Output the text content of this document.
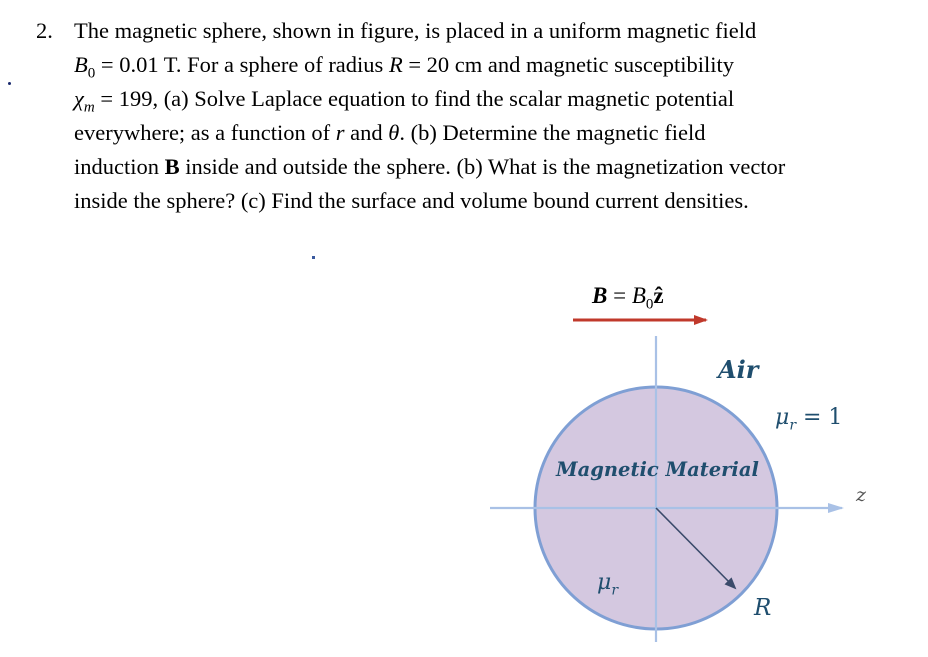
2. The magnetic sphere, shown in figure, is placed in a uniform magnetic field
$B_0 = 0.01$ T. For a sphere of radius R = 20 cm and magnetic susceptibility
$\chi_m = 199$, (a) Solve Laplace equation to find the scalar magnetic potential
everywhere; as a function of r and θ. (b) Determine the magnetic field
induction B inside and outside the sphere. (b) What is the magnetization vector
inside the sphere? (c) Find the surface and volume bound current densities.
$B = B_0ẑ$
Air
$\mu_r = 1$
Magnetic Material
z
$\mu_r$
R
